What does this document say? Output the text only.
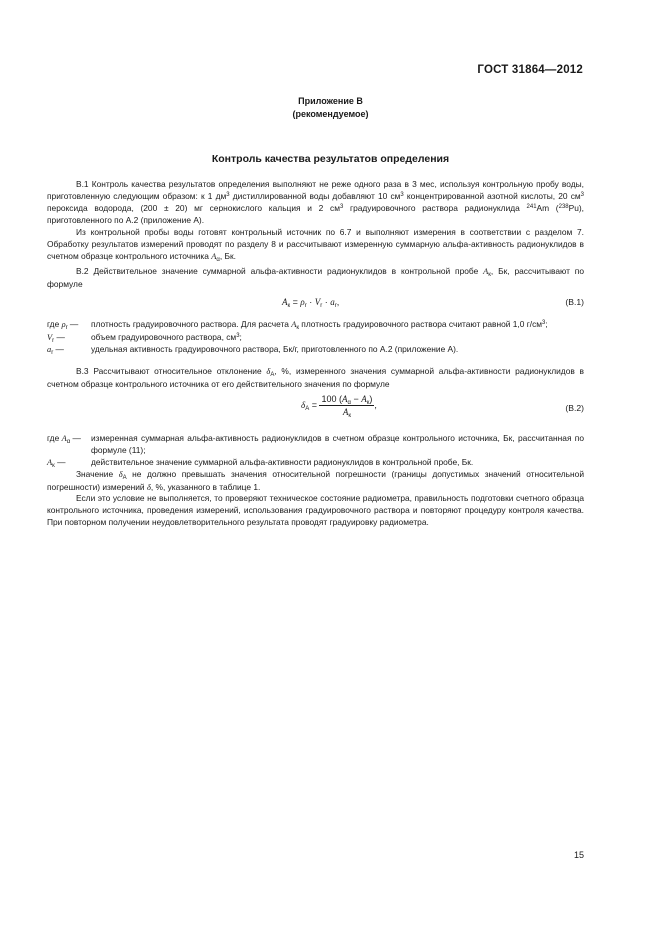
ГОСТ 31864—2012
Приложение В
(рекомендуемое)
Контроль качества результатов определения

В.1 Контроль качества результатов определения выполняют не реже одного раза в 3 мес, используя контрольную пробу воды, приготовленную следующим образом: к 1 $дм^3$ дистиллированной воды добавляют 10 $см^3$ концентрированной азотной кислоты, 20 $см^3$ пероксида водорода, (200 ± 20) мг сернокислого кальция и 2 $см^3$ градуировочного раствора радионуклида $^{241}$Am ($^{238}$Pu), приготовленного по А.2 (приложение А).

Из контрольной пробы воды готовят контрольный источник по 6.7 и выполняют измерения в соответствии с разделом 7. Обработку результатов измерений проводят по разделу 8 и рассчитывают измеренную суммарную альфа-активность радионуклидов в счетном образце контрольного источника $A_\alpha$, Бк.

В.2 Действительное значение суммарной альфа-активности радионуклидов в контрольной пробе $A_к$, Бк, рассчитывают по формуле

$A_к = \rho_r \cdot V_r \cdot a_r$,	(В.1)
где $\rho_r$ —	плотность градуировочного раствора. Для расчета $A_к$ плотность градуировочного раствора считают равной 1,0 $г/см^3$;
$V_r$ —	объем градуировочного раствора, $см^3$;
$a_r$ —	удельная активность градуировочного раствора, Бк/г, приготовленного по А.2 (приложение А).

В.3 Рассчитывают относительное отклонение $\delta_A$, %, измеренного значения суммарной альфа-активности радионуклидов в счетном образце контрольного источника от его действительного значения по формуле

$\delta_A = \frac{100 (A_\alpha - A_к)}{A_к}$ ,	(В.2)
где $A_\alpha$ —	измеренная суммарная альфа-активность радионуклидов в счетном образце контрольного источника, Бк, рассчитанная по формуле (11);
$A_к$ —	действительное значение суммарной альфа-активности радионуклидов в контрольной пробе, Бк.

Значение $\delta_A$ не должно превышать значения относительной погрешности (границы допустимых значений относительной погрешности) измерений δ, %, указанного в таблице 1.

Если это условие не выполняется, то проверяют техническое состояние радиометра, правильность подготовки счетного образца контрольного источника, проведения измерений, использования градуировочного раствора и повторяют процедуру контроля качества. При повторном получении неудовлетворительного результата проводят градуировку радиометра.

15
